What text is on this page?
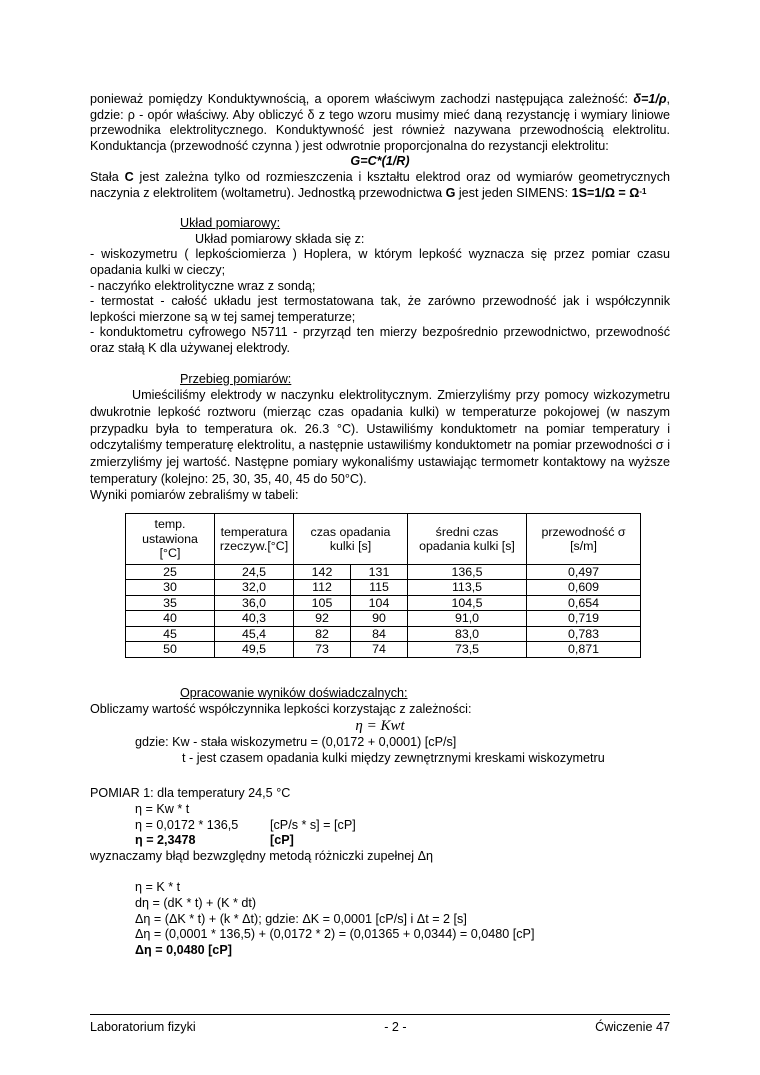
ponieważ pomiędzy Konduktywnością, a oporem właściwym zachodzi następująca zależność: δ=1/ρ, gdzie: ρ - opór właściwy. Aby obliczyć δ z tego wzoru musimy mieć daną rezystancję i wymiary liniowe przewodnika elektrolitycznego. Konduktywność jest również nazywana przewodnością elektrolitu. Konduktancja (przewodność czynna ) jest odwrotnie proporcjonalna do rezystancji elektrolitu:

G=C*(1/R)

Stała C jest zależna tylko od rozmieszczenia i kształtu elektrod oraz od wymiarów geometrycznych naczynia z elektrolitem (woltametru). Jednostką przewodnictwa G jest jeden SIMENS: $1S=1/\Omega = \Omega^{-1}$

Układ pomiarowy:

Układ pomiarowy składa się z:

- wiskozymetru ( lepkościomierza ) Hoplera, w którym lepkość wyznacza się przez pomiar czasu opadania kulki w cieczy;

- naczyńko elektrolityczne wraz z sondą;

- termostat - całość układu jest termostatowana tak, że zarówno przewodność jak i współczynnik lepkości mierzone są w tej samej temperaturze;

- konduktometru cyfrowego N5711 - przyrząd ten mierzy bezpośrednio przewodnictwo, przewodność oraz stałą K dla używanej elektrody.

Przebieg pomiarów:

Umieściliśmy elektrody w naczynku elektrolitycznym. Zmierzyliśmy przy pomocy wizkozymetru dwukrotnie lepkość roztworu (mierząc czas opadania kulki) w temperaturze pokojowej (w naszym przypadku była to temperatura ok. 26.3 °C). Ustawiliśmy konduktometr na pomiar temperatury i odczytaliśmy temperaturę elektrolitu, a następnie ustawiliśmy konduktometr na pomiar przewodności σ i zmierzyliśmy jej wartość. Następne pomiary wykonaliśmy ustawiając termometr kontaktowy na wyższe temperatury (kolejno: 25, 30, 35, 40, 45 do 50°C).

Wyniki pomiarów zebraliśmy w tabeli:

temp. ustawiona [°C]	temperatura rzeczyw.[°C]	czas opadania kulki [s]		średni czas opadania kulki [s]	przewodność σ [s/m]
25	24,5	142	131	136,5	0,497
30	32,0	112	115	113,5	0,609
35	36,0	105	104	104,5	0,654
40	40,3	92	90	91,0	0,719
45	45,4	82	84	83,0	0,783
50	49,5	73	74	73,5	0,871

Opracowanie wyników doświadczalnych:

Obliczamy wartość współczynnika lepkości korzystając z zależności:

η = Kwt

gdzie: Kw - stała wiskozymetru = (0,0172 + 0,0001) [cP/s]

t - jest czasem opadania kulki między zewnętrznymi kreskami wiskozymetru

POMIAR 1: dla temperatury 24,5 °C

η = Kw * t

η = 0,0172 * 136,5	[cP/s * s] = [cP]

η = 2,3478	[cP]

wyznaczamy błąd bezwzględny metodą różniczki zupełnej Δη

η = K * t

dη = (dK * t) + (K * dt)

Δη = (ΔK * t) + (k * Δt); gdzie: ΔK = 0,0001 [cP/s] i Δt = 2 [s]

Δη = (0,0001 * 136,5) + (0,0172 * 2) = (0,01365 + 0,0344) = 0,0480 [cP]

Δη = 0,0480 [cP]

Laboratorium fizyki	- 2 -	Ćwiczenie 47
